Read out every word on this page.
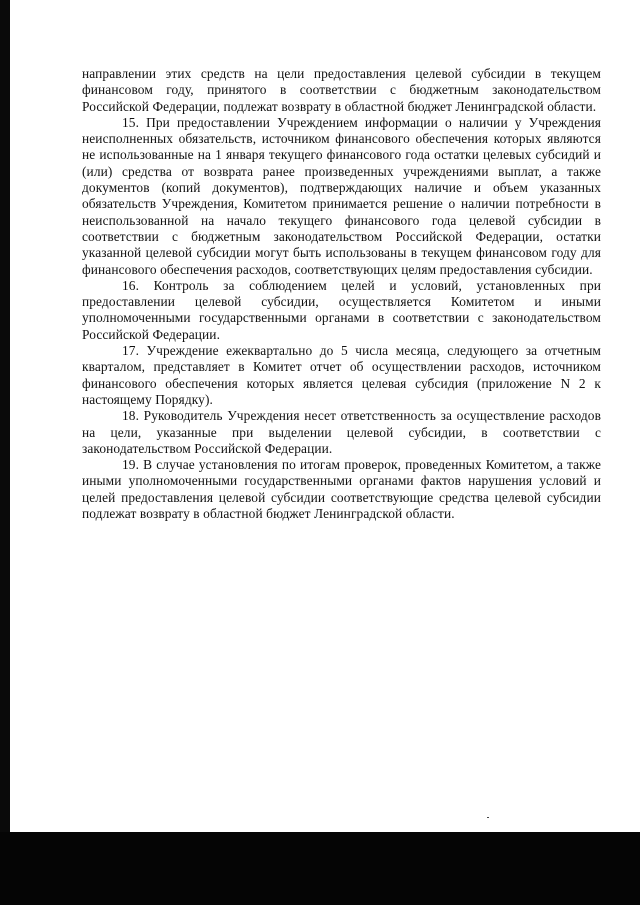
направлении этих средств на цели предоставления целевой субсидии в текущем финансовом году, принятого в соответствии с бюджетным законодательством Российской Федерации, подлежат возврату в областной бюджет Ленинградской области.

15. При предоставлении Учреждением информации о наличии у Учреждения неисполненных обязательств, источником финансового обеспечения которых являются не использованные на 1 января текущего финансового года остатки целевых субсидий и (или) средства от возврата ранее произведенных учреждениями выплат, а также документов (копий документов), подтверждающих наличие и объем указанных обязательств Учреждения, Комитетом принимается решение о наличии потребности в неиспользованной на начало текущего финансового года целевой субсидии в соответствии с бюджетным законодательством Российской Федерации, остатки указанной целевой субсидии могут быть использованы в текущем финансовом году для финансового обеспечения расходов, соответствующих целям предоставления субсидии.

16. Контроль за соблюдением целей и условий, установленных при предоставлении целевой субсидии, осуществляется Комитетом и иными уполномоченными государственными органами в соответствии с законодательством Российской Федерации.

17. Учреждение ежеквартально до 5 числа месяца, следующего за отчетным кварталом, представляет в Комитет отчет об осуществлении расходов, источником финансового обеспечения которых является целевая субсидия (приложение N 2 к настоящему Порядку).

18. Руководитель Учреждения несет ответственность за осуществление расходов на цели, указанные при выделении целевой субсидии, в соответствии с законодательством Российской Федерации.

19. В случае установления по итогам проверок, проведенных Комитетом, а также иными уполномоченными государственными органами фактов нарушения условий и целей предоставления целевой субсидии соответствующие средства целевой субсидии подлежат возврату в областной бюджет Ленинградской области.
